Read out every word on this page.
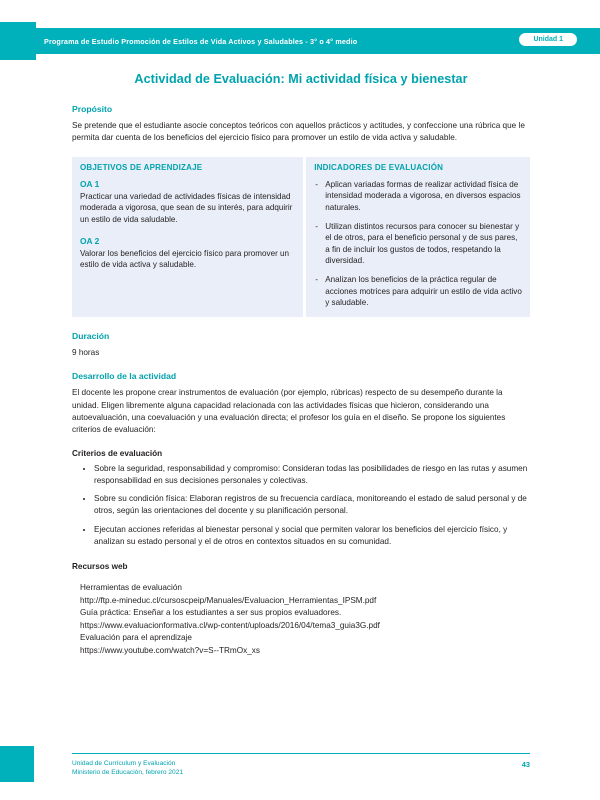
Programa de Estudio Promoción de Estilos de Vida Activos y Saludables - 3° o 4° medio	Unidad 1
Actividad de Evaluación: Mi actividad física y bienestar
Propósito

Se pretende que el estudiante asocie conceptos teóricos con aquellos prácticos y actitudes, y confeccione una rúbrica que le permita dar cuenta de los beneficios del ejercicio físico para promover un estilo de vida activa y saludable.

OBJETIVOS DE APRENDIZAJE

OA 1

Practicar una variedad de actividades físicas de intensidad moderada a vigorosa, que sean de su interés, para adquirir un estilo de vida saludable.

OA 2

Valorar los beneficios del ejercicio físico para promover un estilo de vida activa y saludable.

INDICADORES DE EVALUACIÓN
- Aplican variadas formas de realizar actividad física de intensidad moderada a vigorosa, en diversos espacios naturales.
- Utilizan distintos recursos para conocer su bienestar y el de otros, para el beneficio personal y de sus pares, a fin de incluir los gustos de todos, respetando la diversidad.
- Analizan los beneficios de la práctica regular de acciones motrices para adquirir un estilo de vida activo y saludable.
Duración

9 horas

Desarrollo de la actividad

El docente les propone crear instrumentos de evaluación (por ejemplo, rúbricas) respecto de su desempeño durante la unidad. Eligen libremente alguna capacidad relacionada con las actividades físicas que hicieron, considerando una autoevaluación, una coevaluación y una evaluación directa; el profesor los guía en el diseño. Se propone los siguientes criterios de evaluación:

Criterios de evaluación
• Sobre la seguridad, responsabilidad y compromiso: Consideran todas las posibilidades de riesgo en las rutas y asumen responsabilidad en sus decisiones personales y colectivas.
• Sobre su condición física: Elaboran registros de su frecuencia cardíaca, monitoreando el estado de salud personal y de otros, según las orientaciones del docente y su planificación personal.
• Ejecutan acciones referidas al bienestar personal y social que permiten valorar los beneficios del ejercicio físico, y analizan su estado personal y el de otros en contextos situados en su comunidad.
Recursos web

Herramientas de evaluación

http://ftp.e-mineduc.cl/cursoscpeip/Manuales/Evaluacion_Herramientas_IPSM.pdf

Guía práctica: Enseñar a los estudiantes a ser sus propios evaluadores.

https://www.evaluacionformativa.cl/wp-content/uploads/2016/04/tema3_guia3G.pdf

Evaluación para el aprendizaje

https://www.youtube.com/watch?v=S--TRmOx_xs

Unidad de Currículum y Evaluación
Ministerio de Educación, febrero 2021
43
